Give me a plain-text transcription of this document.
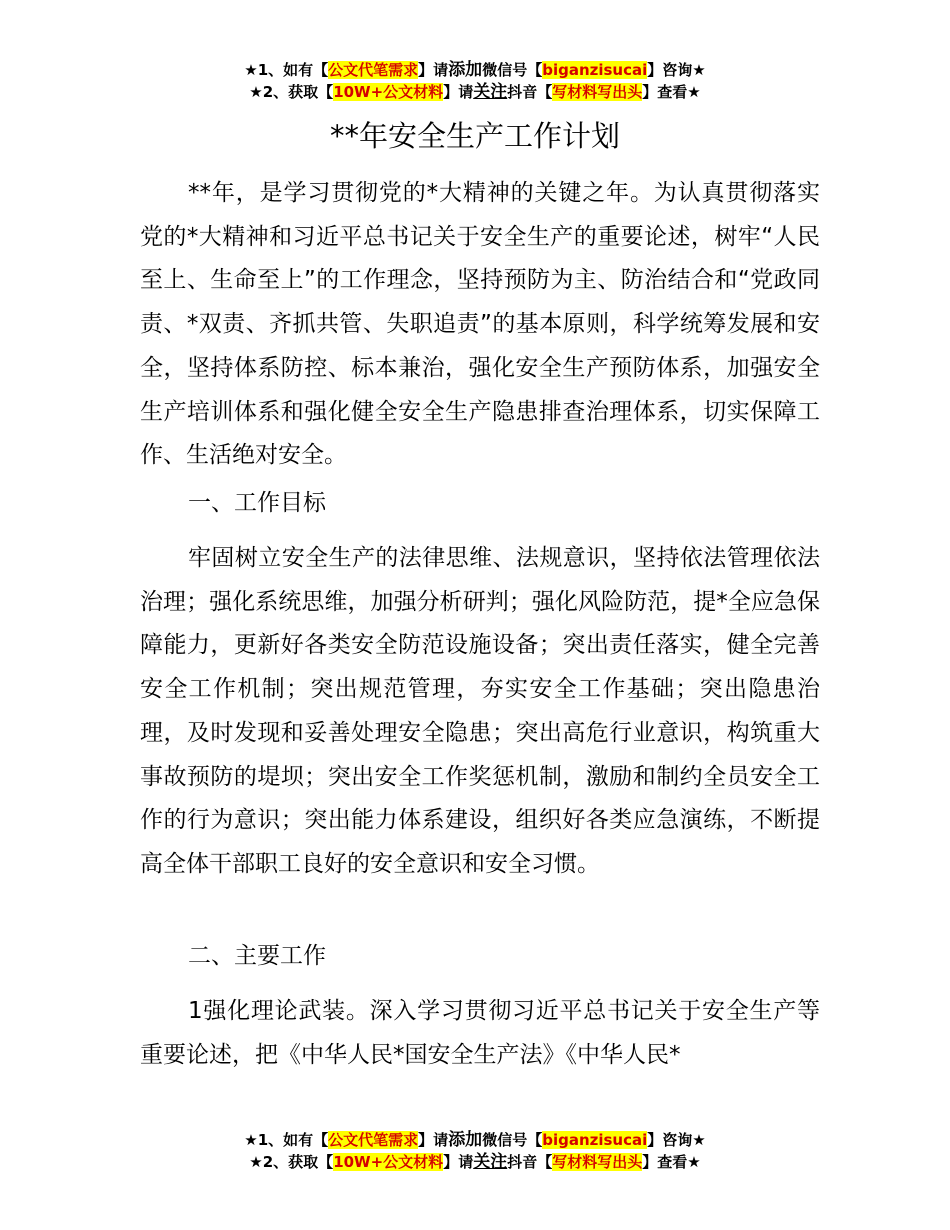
★1、如有【公文代笔需求】请添加微信号【biganzisucai】咨询★
★2、获取【10W+公文材料】请关注抖音【写材料写出头】查看★
**年安全生产工作计划

**年，是学习贯彻党的*大精神的关键之年。为认真贯彻落实党的*大精神和习近平总书记关于安全生产的重要论述，树牢“人民至上、生命至上”的工作理念，坚持预防为主、防治结合和“党政同责、*双责、齐抓共管、失职追责”的基本原则，科学统筹发展和安全，坚持体系防控、标本兼治，强化安全生产预防体系，加强安全生产培训体系和强化健全安全生产隐患排查治理体系，切实保障工作、生活绝对安全。

一、工作目标

牢固树立安全生产的法律思维、法规意识，坚持依法管理依法治理；强化系统思维，加强分析研判；强化风险防范，提*全应急保障能力，更新好各类安全防范设施设备；突出责任落实，健全完善安全工作机制；突出规范管理，夯实安全工作基础；突出隐患治理，及时发现和妥善处理安全隐患；突出高危行业意识，构筑重大事故预防的堤坝；突出安全工作奖惩机制，激励和制约全员安全工作的行为意识；突出能力体系建设，组织好各类应急演练，不断提高全体干部职工良好的安全意识和安全习惯。

二、主要工作

1强化理论武装。深入学习贯彻习近平总书记关于安全生产等重要论述，把《中华人民*国安全生产法》《中华人民*

★1、如有【公文代笔需求】请添加微信号【biganzisucai】咨询★
★2、获取【10W+公文材料】请关注抖音【写材料写出头】查看★
